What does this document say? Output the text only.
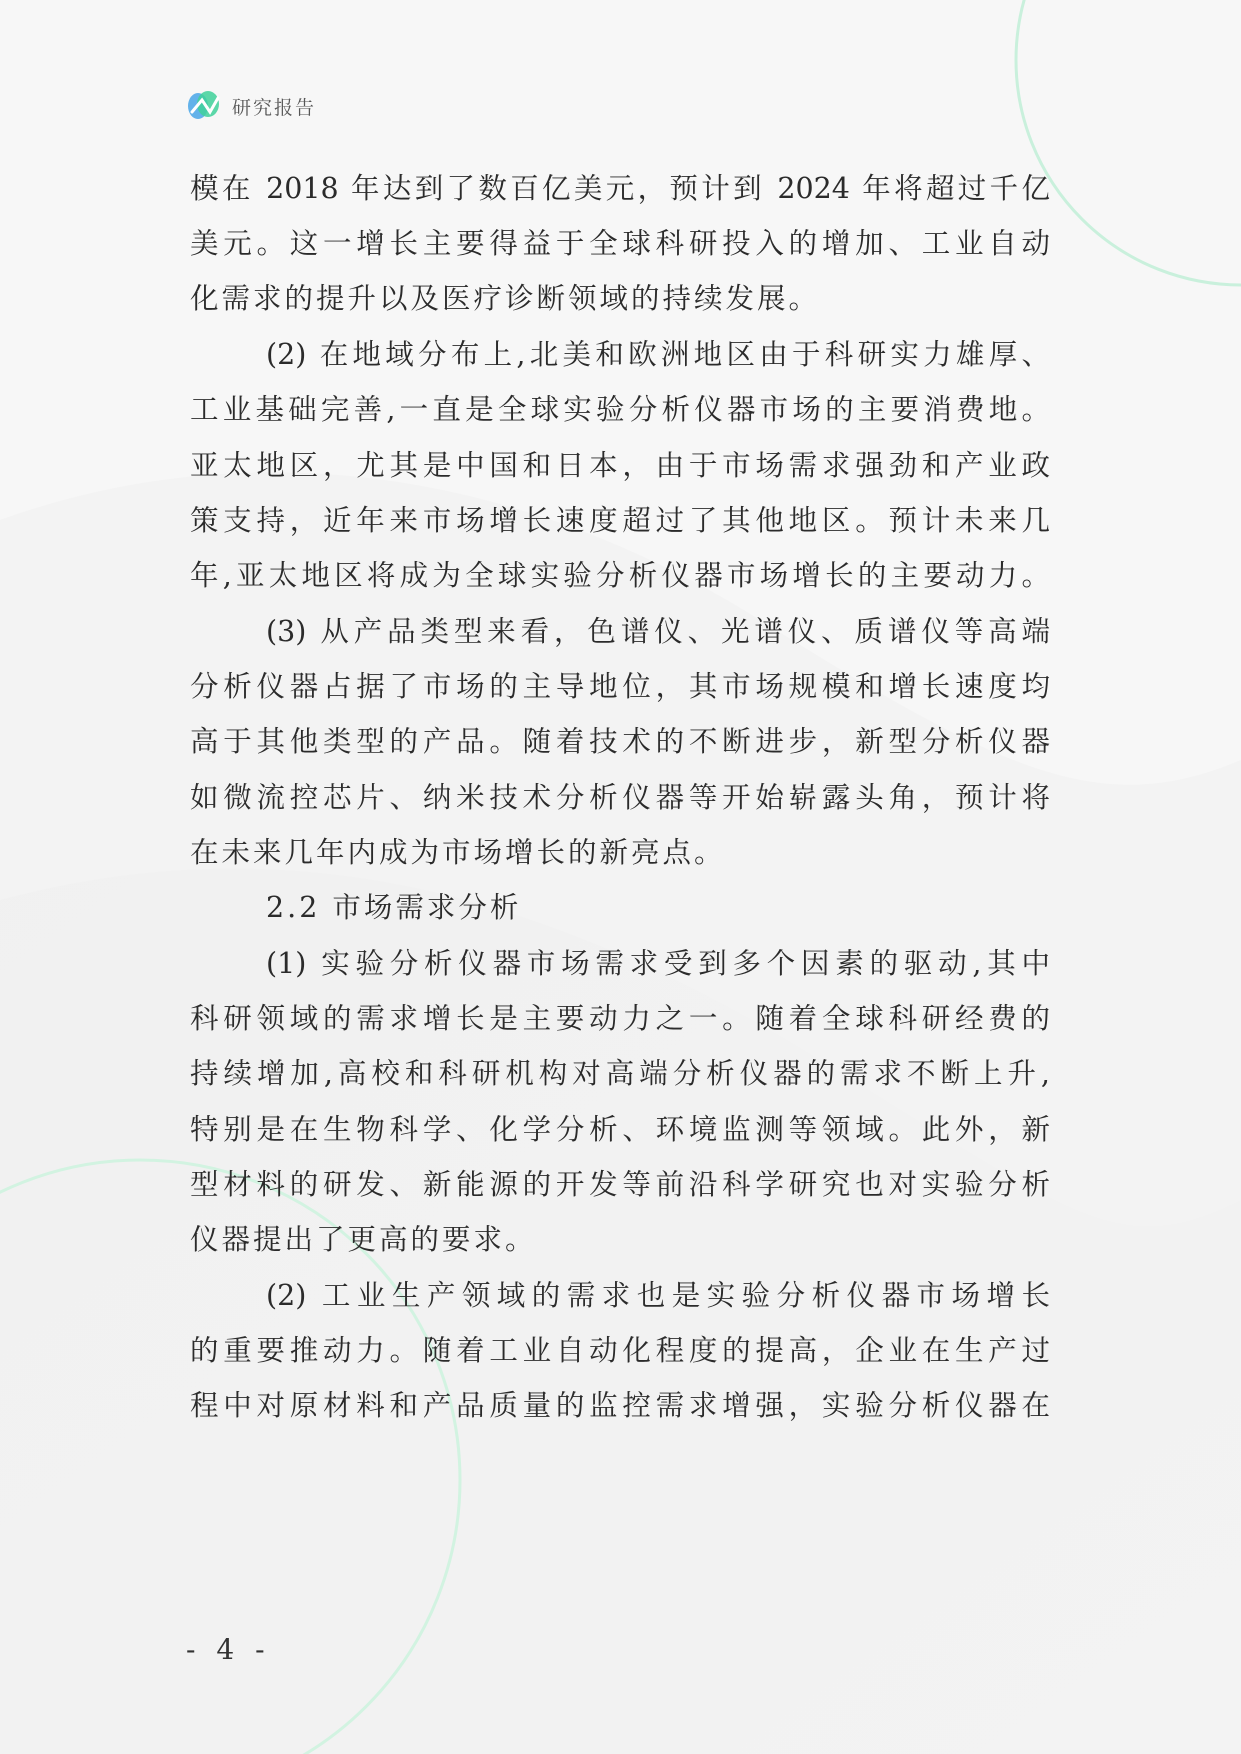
研究报告
模在 2018 年达到了数百亿美元，预计到 2024 年将超过千亿
美元。这一增长主要得益于全球科研投入的增加、工业自动
化需求的提升以及医疗诊断领域的持续发展。
(2) 在地域分布上,北美和欧洲地区由于科研实力雄厚、
工业基础完善,一直是全球实验分析仪器市场的主要消费地。
亚太地区，尤其是中国和日本，由于市场需求强劲和产业政
策支持，近年来市场增长速度超过了其他地区。预计未来几
年,亚太地区将成为全球实验分析仪器市场增长的主要动力。
(3) 从产品类型来看，色谱仪、光谱仪、质谱仪等高端
分析仪器占据了市场的主导地位，其市场规模和增长速度均
高于其他类型的产品。随着技术的不断进步，新型分析仪器
如微流控芯片、纳米技术分析仪器等开始崭露头角，预计将
在未来几年内成为市场增长的新亮点。
2.2 市场需求分析
(1) 实验分析仪器市场需求受到多个因素的驱动,其中
科研领域的需求增长是主要动力之一。随着全球科研经费的
持续增加,高校和科研机构对高端分析仪器的需求不断上升,
特别是在生物科学、化学分析、环境监测等领域。此外，新
型材料的研发、新能源的开发等前沿科学研究也对实验分析
仪器提出了更高的要求。
(2) 工业生产领域的需求也是实验分析仪器市场增长
的重要推动力。随着工业自动化程度的提高，企业在生产过
程中对原材料和产品质量的监控需求增强，实验分析仪器在
- 4 -
